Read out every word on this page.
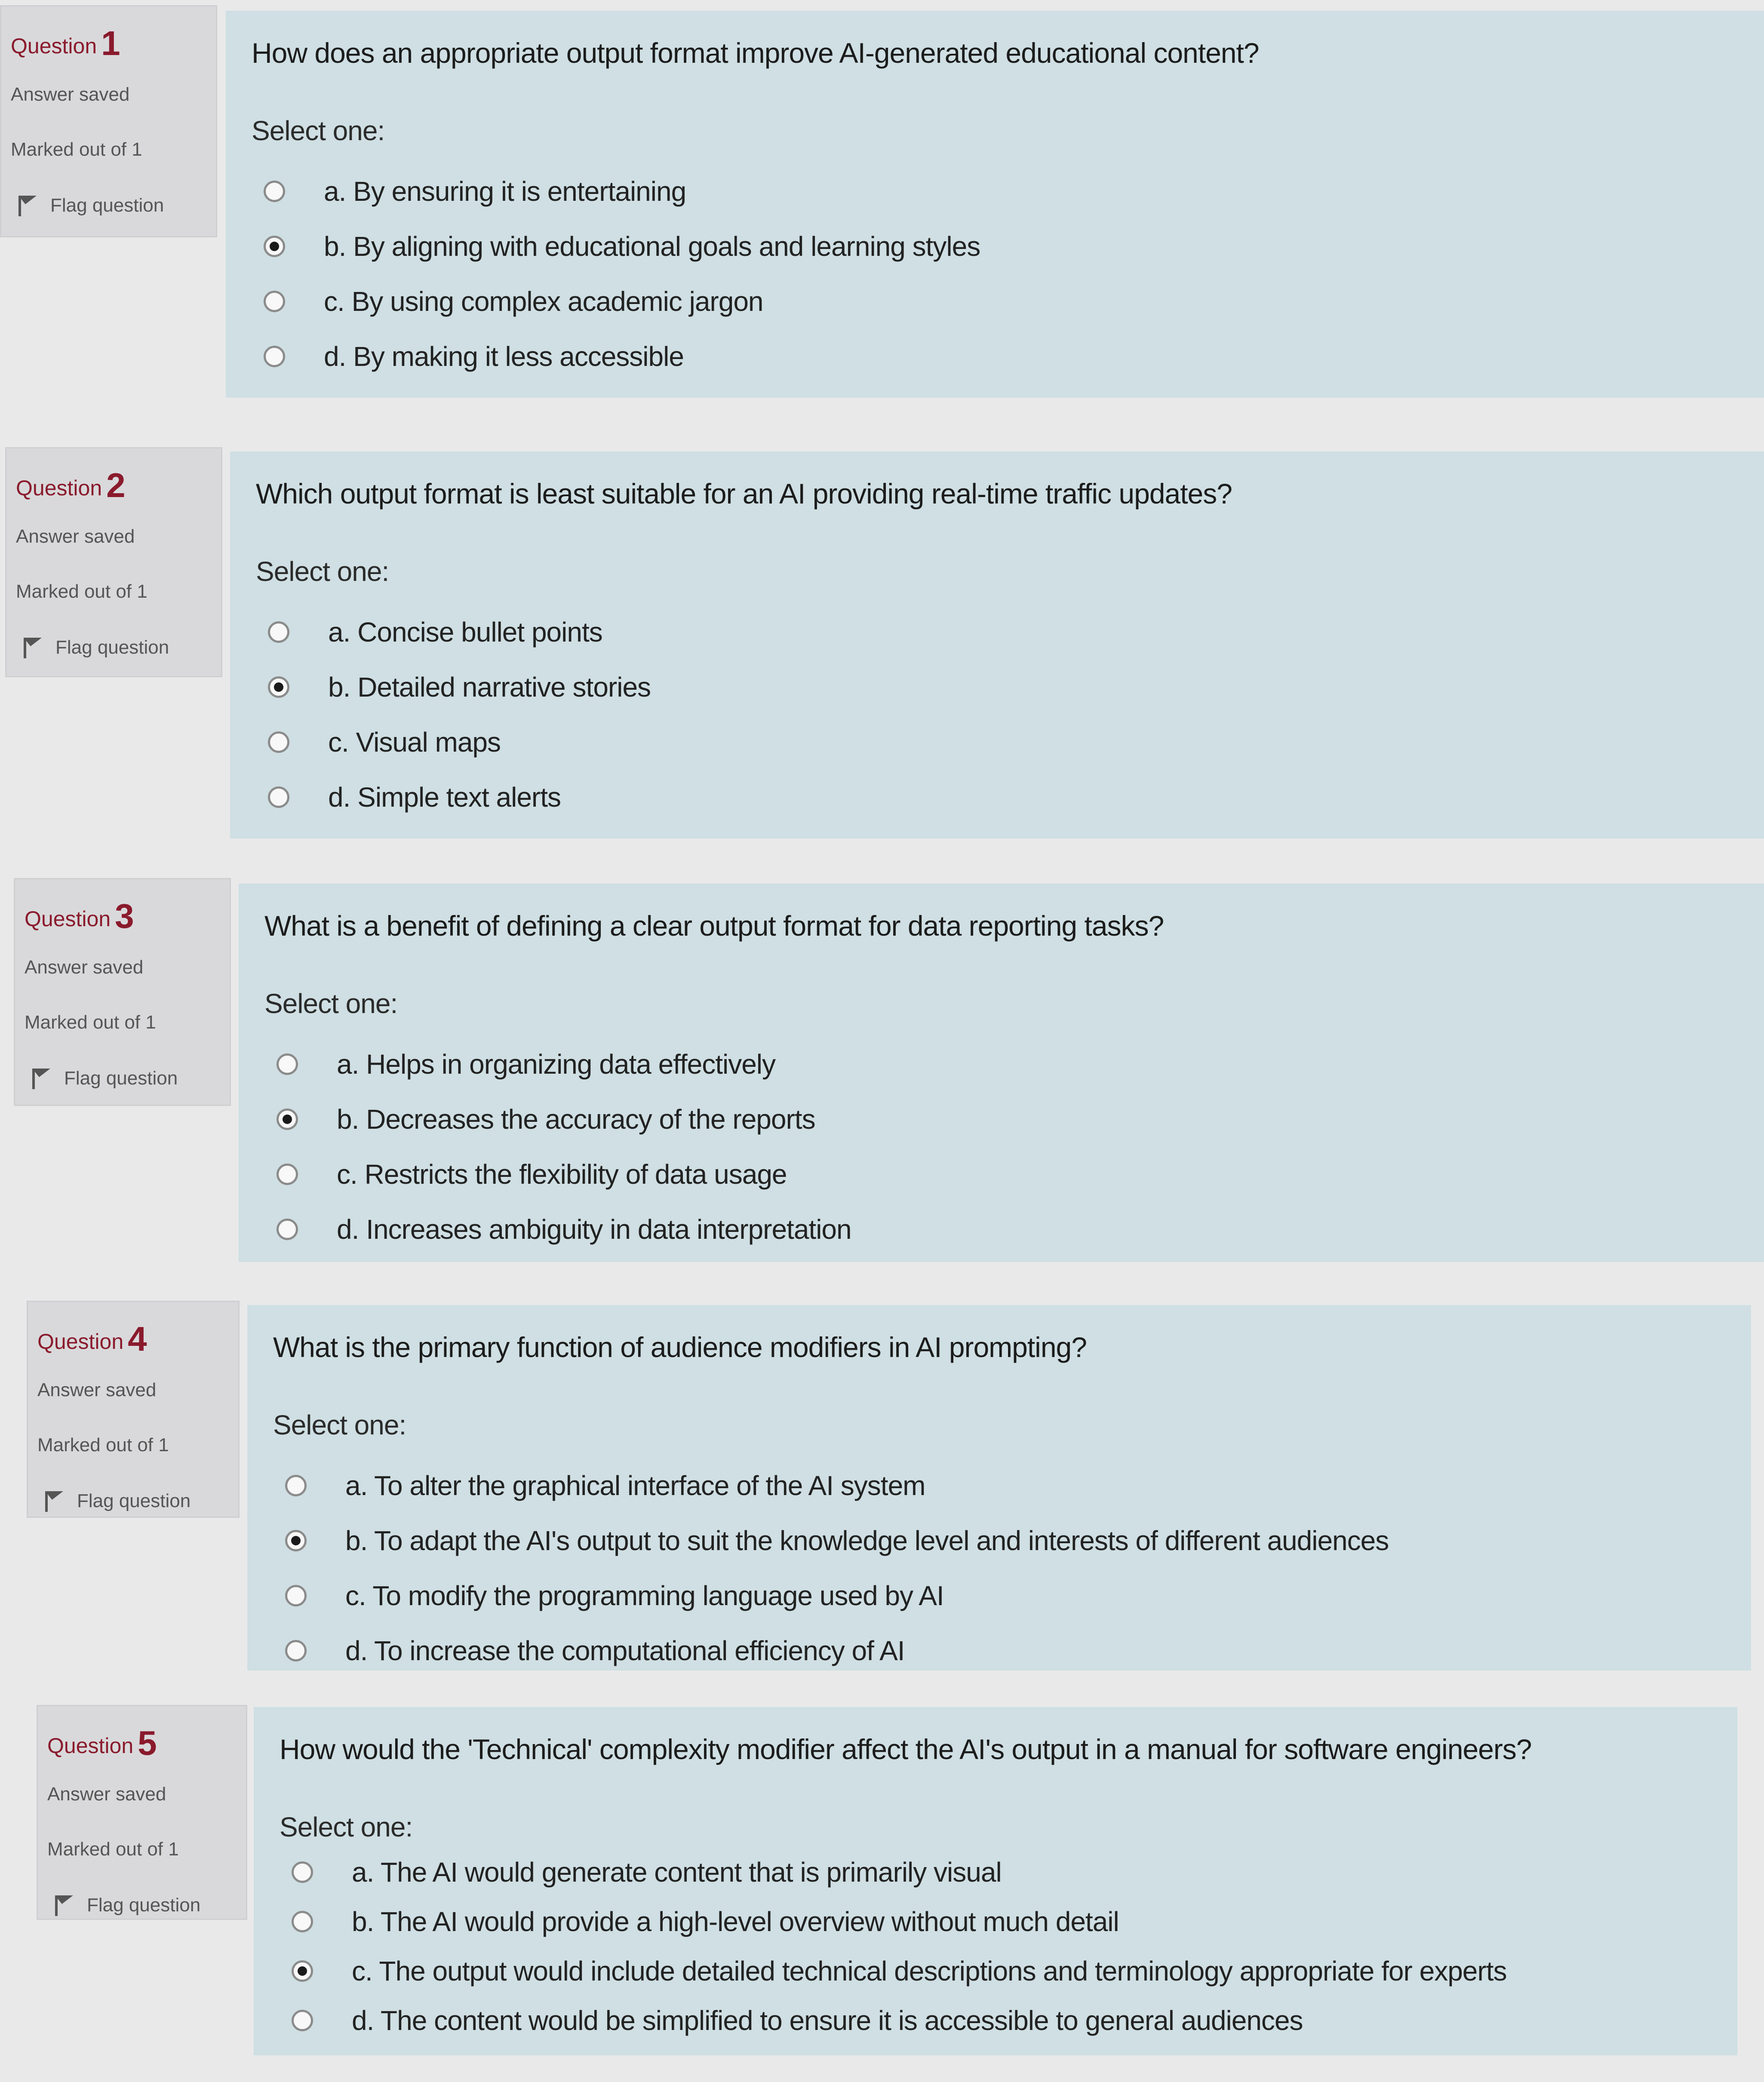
Question 1
Answer saved
Marked out of 1
Flag question
How does an appropriate output format improve AI-generated educational content?
Select one:
a. By ensuring it is entertaining
b. By aligning with educational goals and learning styles
c. By using complex academic jargon
d. By making it less accessible
Question 2
Answer saved
Marked out of 1
Flag question
Which output format is least suitable for an AI providing real-time traffic updates?
Select one:
a. Concise bullet points
b. Detailed narrative stories
c. Visual maps
d. Simple text alerts
Question 3
Answer saved
Marked out of 1
Flag question
What is a benefit of defining a clear output format for data reporting tasks?
Select one:
a. Helps in organizing data effectively
b. Decreases the accuracy of the reports
c. Restricts the flexibility of data usage
d. Increases ambiguity in data interpretation
Question 4
Answer saved
Marked out of 1
Flag question
What is the primary function of audience modifiers in AI prompting?
Select one:
a. To alter the graphical interface of the AI system
b. To adapt the AI's output to suit the knowledge level and interests of different audiences
c. To modify the programming language used by AI
d. To increase the computational efficiency of AI
Question 5
Answer saved
Marked out of 1
Flag question
How would the 'Technical' complexity modifier affect the AI's output in a manual for software engineers?
Select one:
a. The AI would generate content that is primarily visual
b. The AI would provide a high-level overview without much detail
c. The output would include detailed technical descriptions and terminology appropriate for experts
d. The content would be simplified to ensure it is accessible to general audiences
